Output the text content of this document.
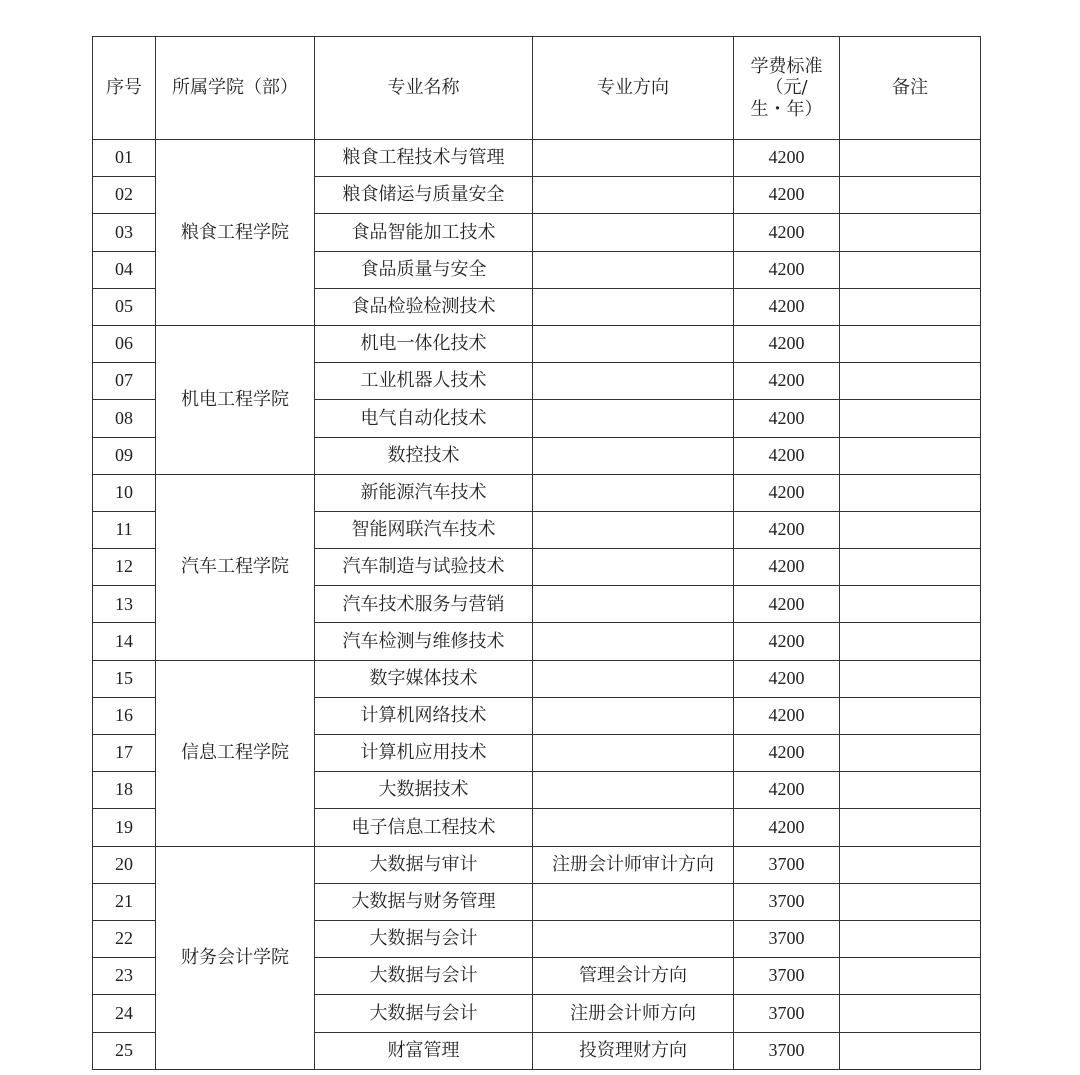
序号	所属学院（部）	专业名称	专业方向	学费标准
（元/
生・年）	备注
01	粮食工程学院	粮食工程技术与管理		4200	
02		粮食储运与质量安全		4200	
03		食品智能加工技术		4200	
04		食品质量与安全		4200	
05		食品检验检测技术		4200	
06	机电工程学院	机电一体化技术		4200	
07		工业机器人技术		4200	
08		电气自动化技术		4200	
09		数控技术		4200	
10	汽车工程学院	新能源汽车技术		4200	
11		智能网联汽车技术		4200	
12		汽车制造与试验技术		4200	
13		汽车技术服务与营销		4200	
14		汽车检测与维修技术		4200	
15	信息工程学院	数字媒体技术		4200	
16		计算机网络技术		4200	
17		计算机应用技术		4200	
18		大数据技术		4200	
19		电子信息工程技术		4200	
20	财务会计学院	大数据与审计	注册会计师审计方向	3700	
21		大数据与财务管理		3700	
22		大数据与会计		3700	
23		大数据与会计	管理会计方向	3700	
24		大数据与会计	注册会计师方向	3700	
25		财富管理	投资理财方向	3700	
